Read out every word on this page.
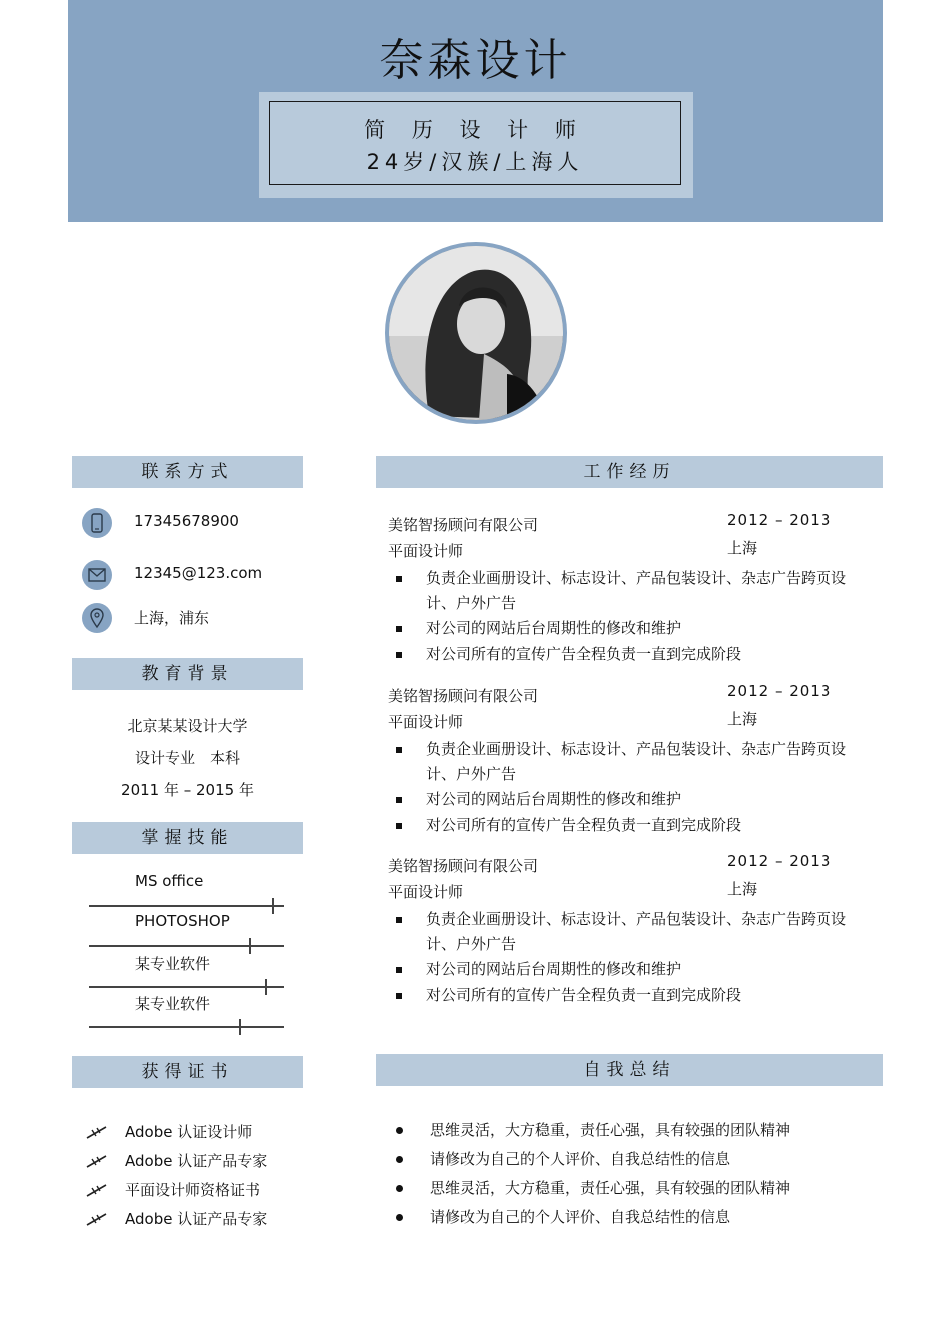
奈森设计
简 历 设 计 师
24岁/汉族/上海人
联系方式
教育背景
掌握技能
获得证书
工作经历
自我总结
17345678900
12345@123.com
上海，浦东
北京某某设计大学
设计专业　本科
2011 年 – 2015 年
MS office
PHOTOSHOP
某专业软件
某专业软件
Adobe 认证设计师
Adobe 认证产品专家
平面设计师资格证书
Adobe 认证产品专家
美铭智扬顾问有限公司	2012 – 2013
平面设计师	上海
负责企业画册设计、标志设计、产品包装设计、杂志广告跨页设计、户外广告
对公司的网站后台周期性的修改和维护
对公司所有的宣传广告全程负责一直到完成阶段
美铭智扬顾问有限公司	2012 – 2013
平面设计师	上海
负责企业画册设计、标志设计、产品包装设计、杂志广告跨页设计、户外广告
对公司的网站后台周期性的修改和维护
对公司所有的宣传广告全程负责一直到完成阶段
美铭智扬顾问有限公司	2012 – 2013
平面设计师	上海
负责企业画册设计、标志设计、产品包装设计、杂志广告跨页设计、户外广告
对公司的网站后台周期性的修改和维护
对公司所有的宣传广告全程负责一直到完成阶段
思维灵活，大方稳重，责任心强，具有较强的团队精神
请修改为自己的个人评价、自我总结性的信息
思维灵活，大方稳重，责任心强，具有较强的团队精神
请修改为自己的个人评价、自我总结性的信息
